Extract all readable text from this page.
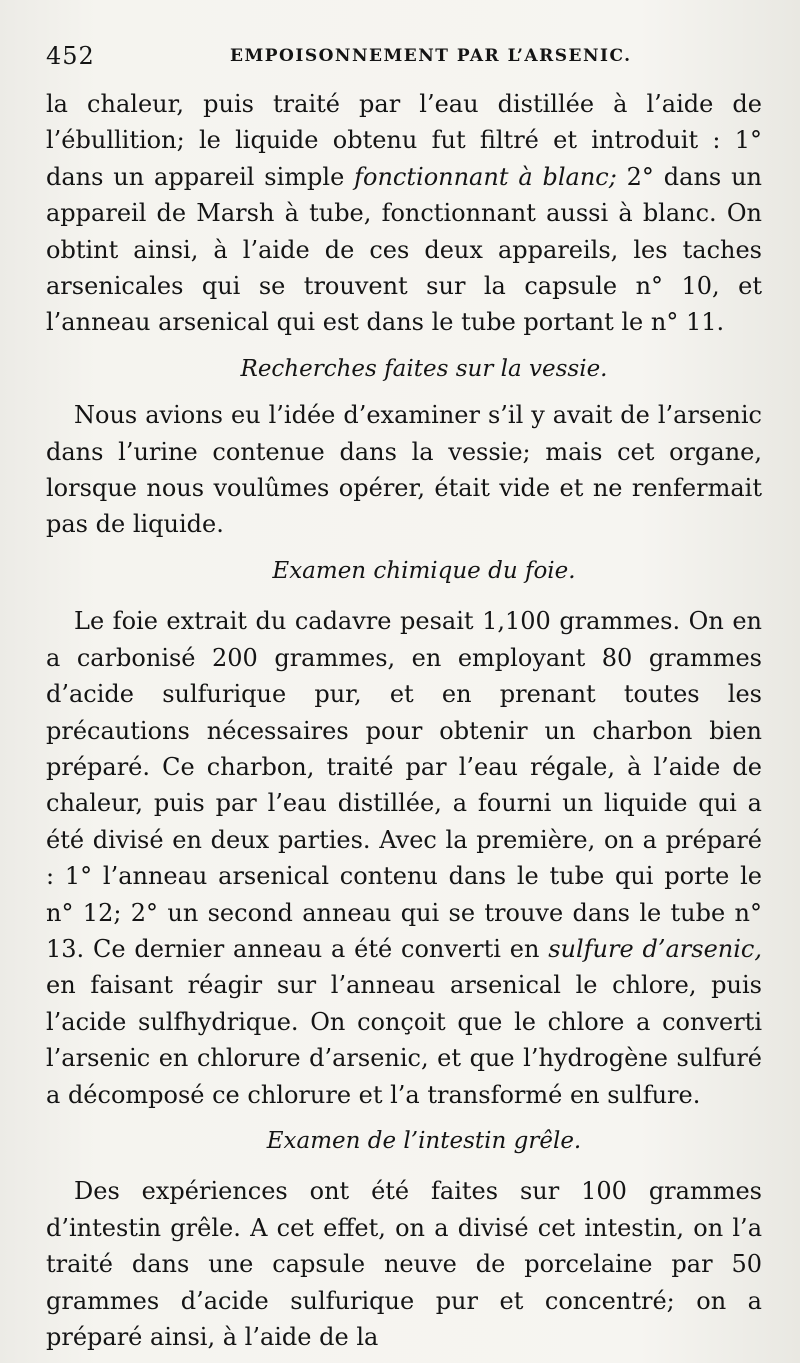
452	EMPOISONNEMENT PAR L’ARSENIC.

la chaleur, puis traité par l’eau distillée à l’aide de l’ébullition; le liquide obtenu fut filtré et introduit : 1° dans un appareil simple fonctionnant à blanc; 2° dans un appareil de Marsh à tube, fonctionnant aussi à blanc. On obtint ainsi, à l’aide de ces deux appareils, les taches arsenicales qui se trouvent sur la capsule n° 10, et l’anneau arsenical qui est dans le tube portant le n° 11.

Recherches faites sur la vessie.

Nous avions eu l’idée d’examiner s’il y avait de l’arsenic dans l’urine contenue dans la vessie; mais cet organe, lorsque nous voulûmes opérer, était vide et ne renfermait pas de liquide.

Examen chimique du foie.

Le foie extrait du cadavre pesait 1,100 grammes. On en a carbonisé 200 grammes, en employant 80 grammes d’acide sulfurique pur, et en prenant toutes les précautions nécessaires pour obtenir un charbon bien préparé. Ce charbon, traité par l’eau régale, à l’aide de chaleur, puis par l’eau distillée, a fourni un liquide qui a été divisé en deux parties. Avec la première, on a préparé : 1° l’anneau arsenical contenu dans le tube qui porte le n° 12; 2° un second anneau qui se trouve dans le tube n° 13. Ce dernier anneau a été converti en sulfure d’arsenic, en faisant réagir sur l’anneau arsenical le chlore, puis l’acide sulfhydrique. On conçoit que le chlore a converti l’arsenic en chlorure d’arsenic, et que l’hydrogène sulfuré a décomposé ce chlorure et l’a transformé en sulfure.

Examen de l’intestin grêle.

Des expériences ont été faites sur 100 grammes d’intestin grêle. A cet effet, on a divisé cet intestin, on l’a traité dans une capsule neuve de porcelaine par 50 grammes d’acide sulfurique pur et concentré; on a préparé ainsi, à l’aide de la
